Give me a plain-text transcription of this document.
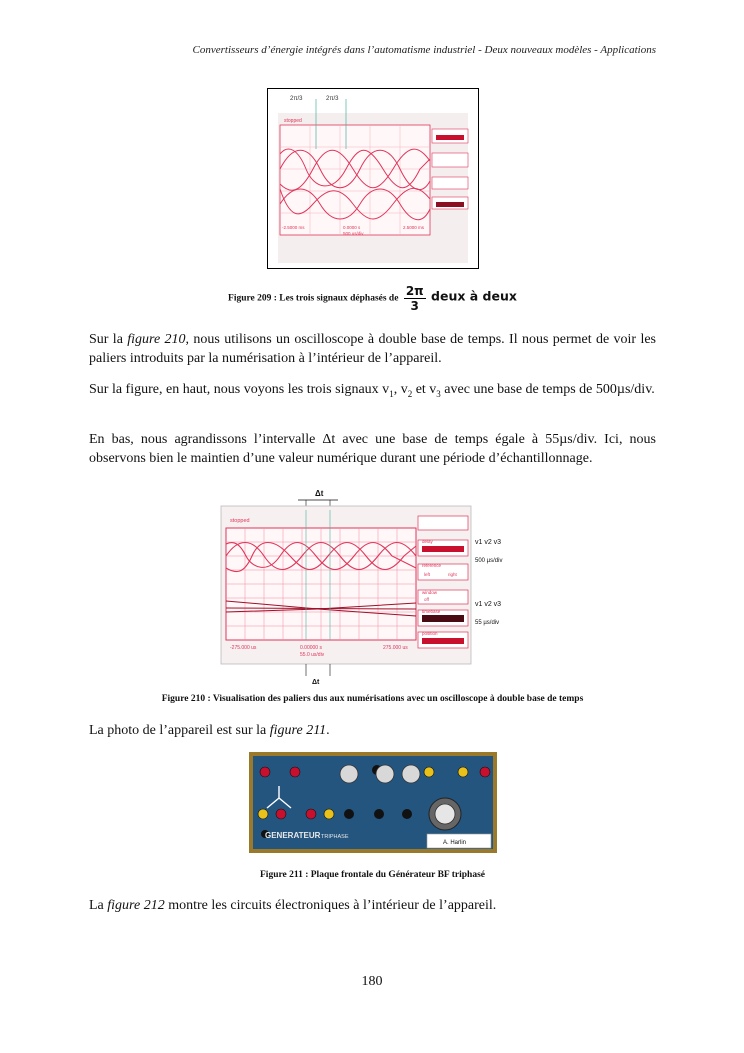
Convertisseurs d’énergie intégrés dans l’automatisme industriel - Deux nouveaux modèles - Applications
2π/3	2π/3
stopped
-2.5000 ms	0.0000 s
500 us/div
2.5000 ms
Figure 209 : Les trois signaux déphasés de $\frac{2\pi}{3}$ deux à deux
Sur la figure 210, nous utilisons un oscilloscope à double base de temps. Il nous permet de voir les paliers introduits par la numérisation à l’intérieur de l’appareil.
Sur la figure, en haut, nous voyons les trois signaux $v_1$, $v_2$ et $v_3$ avec une base de temps de 500µs/div.
En bas, nous agrandissons l’intervalle Δt avec une base de temps égale à 55µs/div. Ici, nous observons bien le maintien d’une valeur numérique durant une période d’échantillonnage.
Δt
stopped
delay
reference
left	right
window
off
timebase
position
-275.000 us	0.00000 s
55.0 us/div
275.000 us
v1 v2 v3
500 µs/div
v1 v2 v3
55 µs/div
Δt
Figure 210 : Visualisation des paliers dus aux numérisations avec un oscilloscope à double base de temps
La photo de l’appareil est sur la figure 211.
GENERATEUR TRIPHASE
A. Harlin
Figure 211 : Plaque frontale du Générateur BF triphasé
La figure 212 montre les circuits électroniques à l’intérieur de l’appareil.
180
